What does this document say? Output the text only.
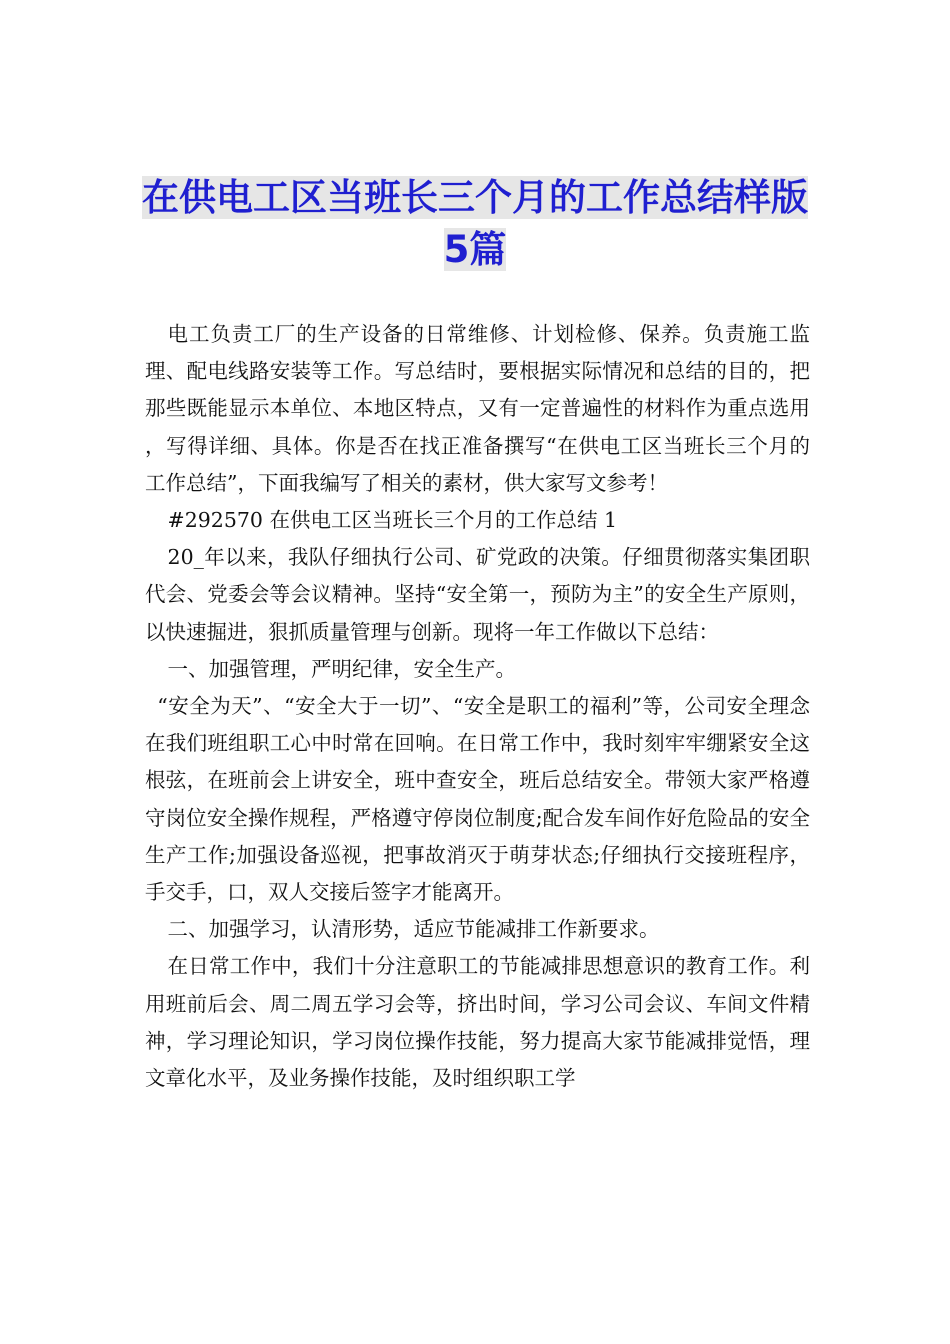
在供电工区当班长三个月的工作总结样版5篇

电工负责工厂的生产设备的日常维修、计划检修、保养。负责施工监理、配电线路安装等工作。写总结时，要根据实际情况和总结的目的，把那些既能显示本单位、本地区特点，又有一定普遍性的材料作为重点选用 ，写得详细、具体。你是否在找正准备撰写“在供电工区当班长三个月的工作总结”，下面我编写了相关的素材，供大家写文参考！

#292570 在供电工区当班长三个月的工作总结 1

20_年以来，我队仔细执行公司、矿党政的决策。仔细贯彻落实集团职代会、党委会等会议精神。坚持“安全第一，预防为主”的安全生产原则，以快速掘进，狠抓质量管理与创新。现将一年工作做以下总结：

一、加强管理，严明纪律，安全生产。

“安全为天”、“安全大于一切”、“安全是职工的福利”等，公司安全理念在我们班组职工心中时常在回响。在日常工作中，我时刻牢牢绷紧安全这根弦，在班前会上讲安全，班中查安全，班后总结安全。带领大家严格遵守岗位安全操作规程，严格遵守停岗位制度;配合发车间作好危险品的安全生产工作;加强设备巡视，把事故消灭于萌芽状态;仔细执行交接班程序，手交手，口，双人交接后签字才能离开。

二、加强学习，认清形势，适应节能减排工作新要求。

在日常工作中，我们十分注意职工的节能减排思想意识的教育工作。利用班前后会、周二周五学习会等，挤出时间，学习公司会议、车间文件精神，学习理论知识，学习岗位操作技能，努力提高大家节能减排觉悟，理文章化水平，及业务操作技能，及时组织职工学
